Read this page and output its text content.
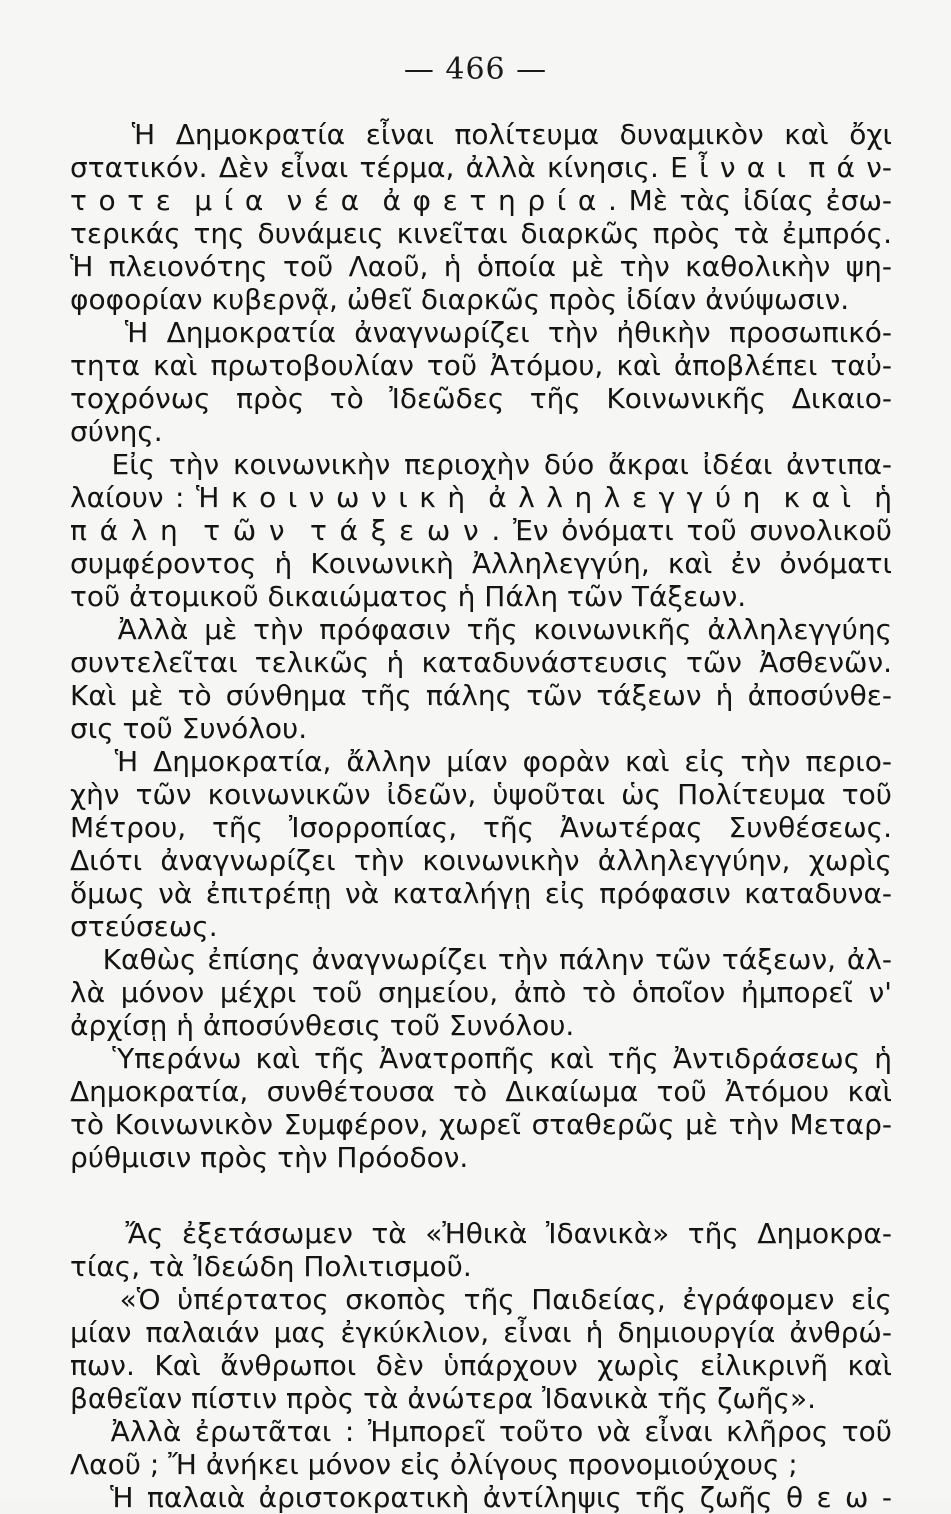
— 466 —
Ἡ Δημοκρατία εἶναι πολίτευμα δυναμικὸν καὶ ὄχι
στατικόν. Δὲν εἶναι τέρμα, ἀλλὰ κίνησις. Ε ἶ ν α ι  π ά ν-
τ ο τ ε  μ ί α  ν έ α  ἀ φ ε τ η ρ ί α . Μὲ τὰς ἰδίας ἐσω-
τερικάς της δυνάμεις κινεῖται διαρκῶς πρὸς τὰ ἐμπρός.
Ἡ πλειονότης τοῦ Λαοῦ, ἡ ὁποία μὲ τὴν καθολικὴν ψη-
φοφορίαν κυβερνᾷ, ὠθεῖ διαρκῶς πρὸς ἰδίαν ἀνύψωσιν.
Ἡ Δημοκρατία ἀναγνωρίζει τὴν ἠθικὴν προσωπικό-
τητα καὶ πρωτοβουλίαν τοῦ Ἀτόμου, καὶ ἀποβλέπει ταὐ-
τοχρόνως πρὸς τὸ Ἰδεῶδες τῆς Κοινωνικῆς Δικαιο-
σύνης.
Εἰς τὴν κοινωνικὴν περιοχὴν δύο ἄκραι ἰδέαι ἀντιπα-
λαίουν : Ἡ κ ο ι ν ω ν ι κ ὴ  ἀ λ λ η λ ε γ γ ύ η  κ α ὶ  ἡ
π ά λ η  τ ῶ ν  τ ά ξ ε ω ν . Ἐν ὀνόματι τοῦ συνολικοῦ
συμφέροντος ἡ Κοινωνικὴ Ἀλληλεγγύη, καὶ ἐν ὀνόματι
τοῦ ἀτομικοῦ δικαιώματος ἡ Πάλη τῶν Τάξεων.
Ἀλλὰ μὲ τὴν πρόφασιν τῆς κοινωνικῆς ἀλληλεγγύης
συντελεῖται τελικῶς ἡ καταδυνάστευσις τῶν Ἀσθενῶν.
Καὶ μὲ τὸ σύνθημα τῆς πάλης τῶν τάξεων ἡ ἀποσύνθε-
σις τοῦ Συνόλου.
Ἡ Δημοκρατία, ἄλλην μίαν φορὰν καὶ εἰς τὴν περιο-
χὴν τῶν κοινωνικῶν ἰδεῶν, ὑψοῦται ὡς Πολίτευμα τοῦ
Μέτρου, τῆς Ἰσορροπίας, τῆς Ἀνωτέρας Συνθέσεως.
Διότι ἀναγνωρίζει τὴν κοινωνικὴν ἀλληλεγγύην, χωρὶς
ὅμως νὰ ἐπιτρέπῃ νὰ καταλήγῃ εἰς πρόφασιν καταδυνα-
στεύσεως.
Καθὼς ἐπίσης ἀναγνωρίζει τὴν πάλην τῶν τάξεων, ἀλ-
λὰ μόνον μέχρι τοῦ σημείου, ἀπὸ τὸ ὁποῖον ἠμπορεῖ ν'
ἀρχίσῃ ἡ ἀποσύνθεσις τοῦ Συνόλου.
Ὑπεράνω καὶ τῆς Ἀνατροπῆς καὶ τῆς Ἀντιδράσεως ἡ
Δημοκρατία, συνθέτουσα τὸ Δικαίωμα τοῦ Ἀτόμου καὶ
τὸ Κοινωνικὸν Συμφέρον, χωρεῖ σταθερῶς μὲ τὴν Μεταρ-
ρύθμισιν πρὸς τὴν Πρόοδον.
Ἄς ἐξετάσωμεν τὰ «Ἠθικὰ Ἰδανικὰ» τῆς Δημοκρα-
τίας, τὰ Ἰδεώδη Πολιτισμοῦ.
«Ὁ ὑπέρτατος σκοπὸς τῆς Παιδείας, ἐγράφομεν εἰς
μίαν παλαιάν μας ἐγκύκλιον, εἶναι ἡ δημιουργία ἀνθρώ-
πων. Καὶ ἄνθρωποι δὲν ὑπάρχουν χωρὶς εἰλικρινῆ καὶ
βαθεῖαν πίστιν πρὸς τὰ ἀνώτερα Ἰδανικὰ τῆς ζωῆς».
Ἀλλὰ ἐρωτᾶται : Ἠμπορεῖ τοῦτο νὰ εἶναι κλῆρος τοῦ
Λαοῦ ; Ἤ ἀνήκει μόνον εἰς ὀλίγους προνομιούχους ;
Ἡ παλαιὰ ἀριστοκρατικὴ ἀντίληψις τῆς ζωῆς θ ε ω -
